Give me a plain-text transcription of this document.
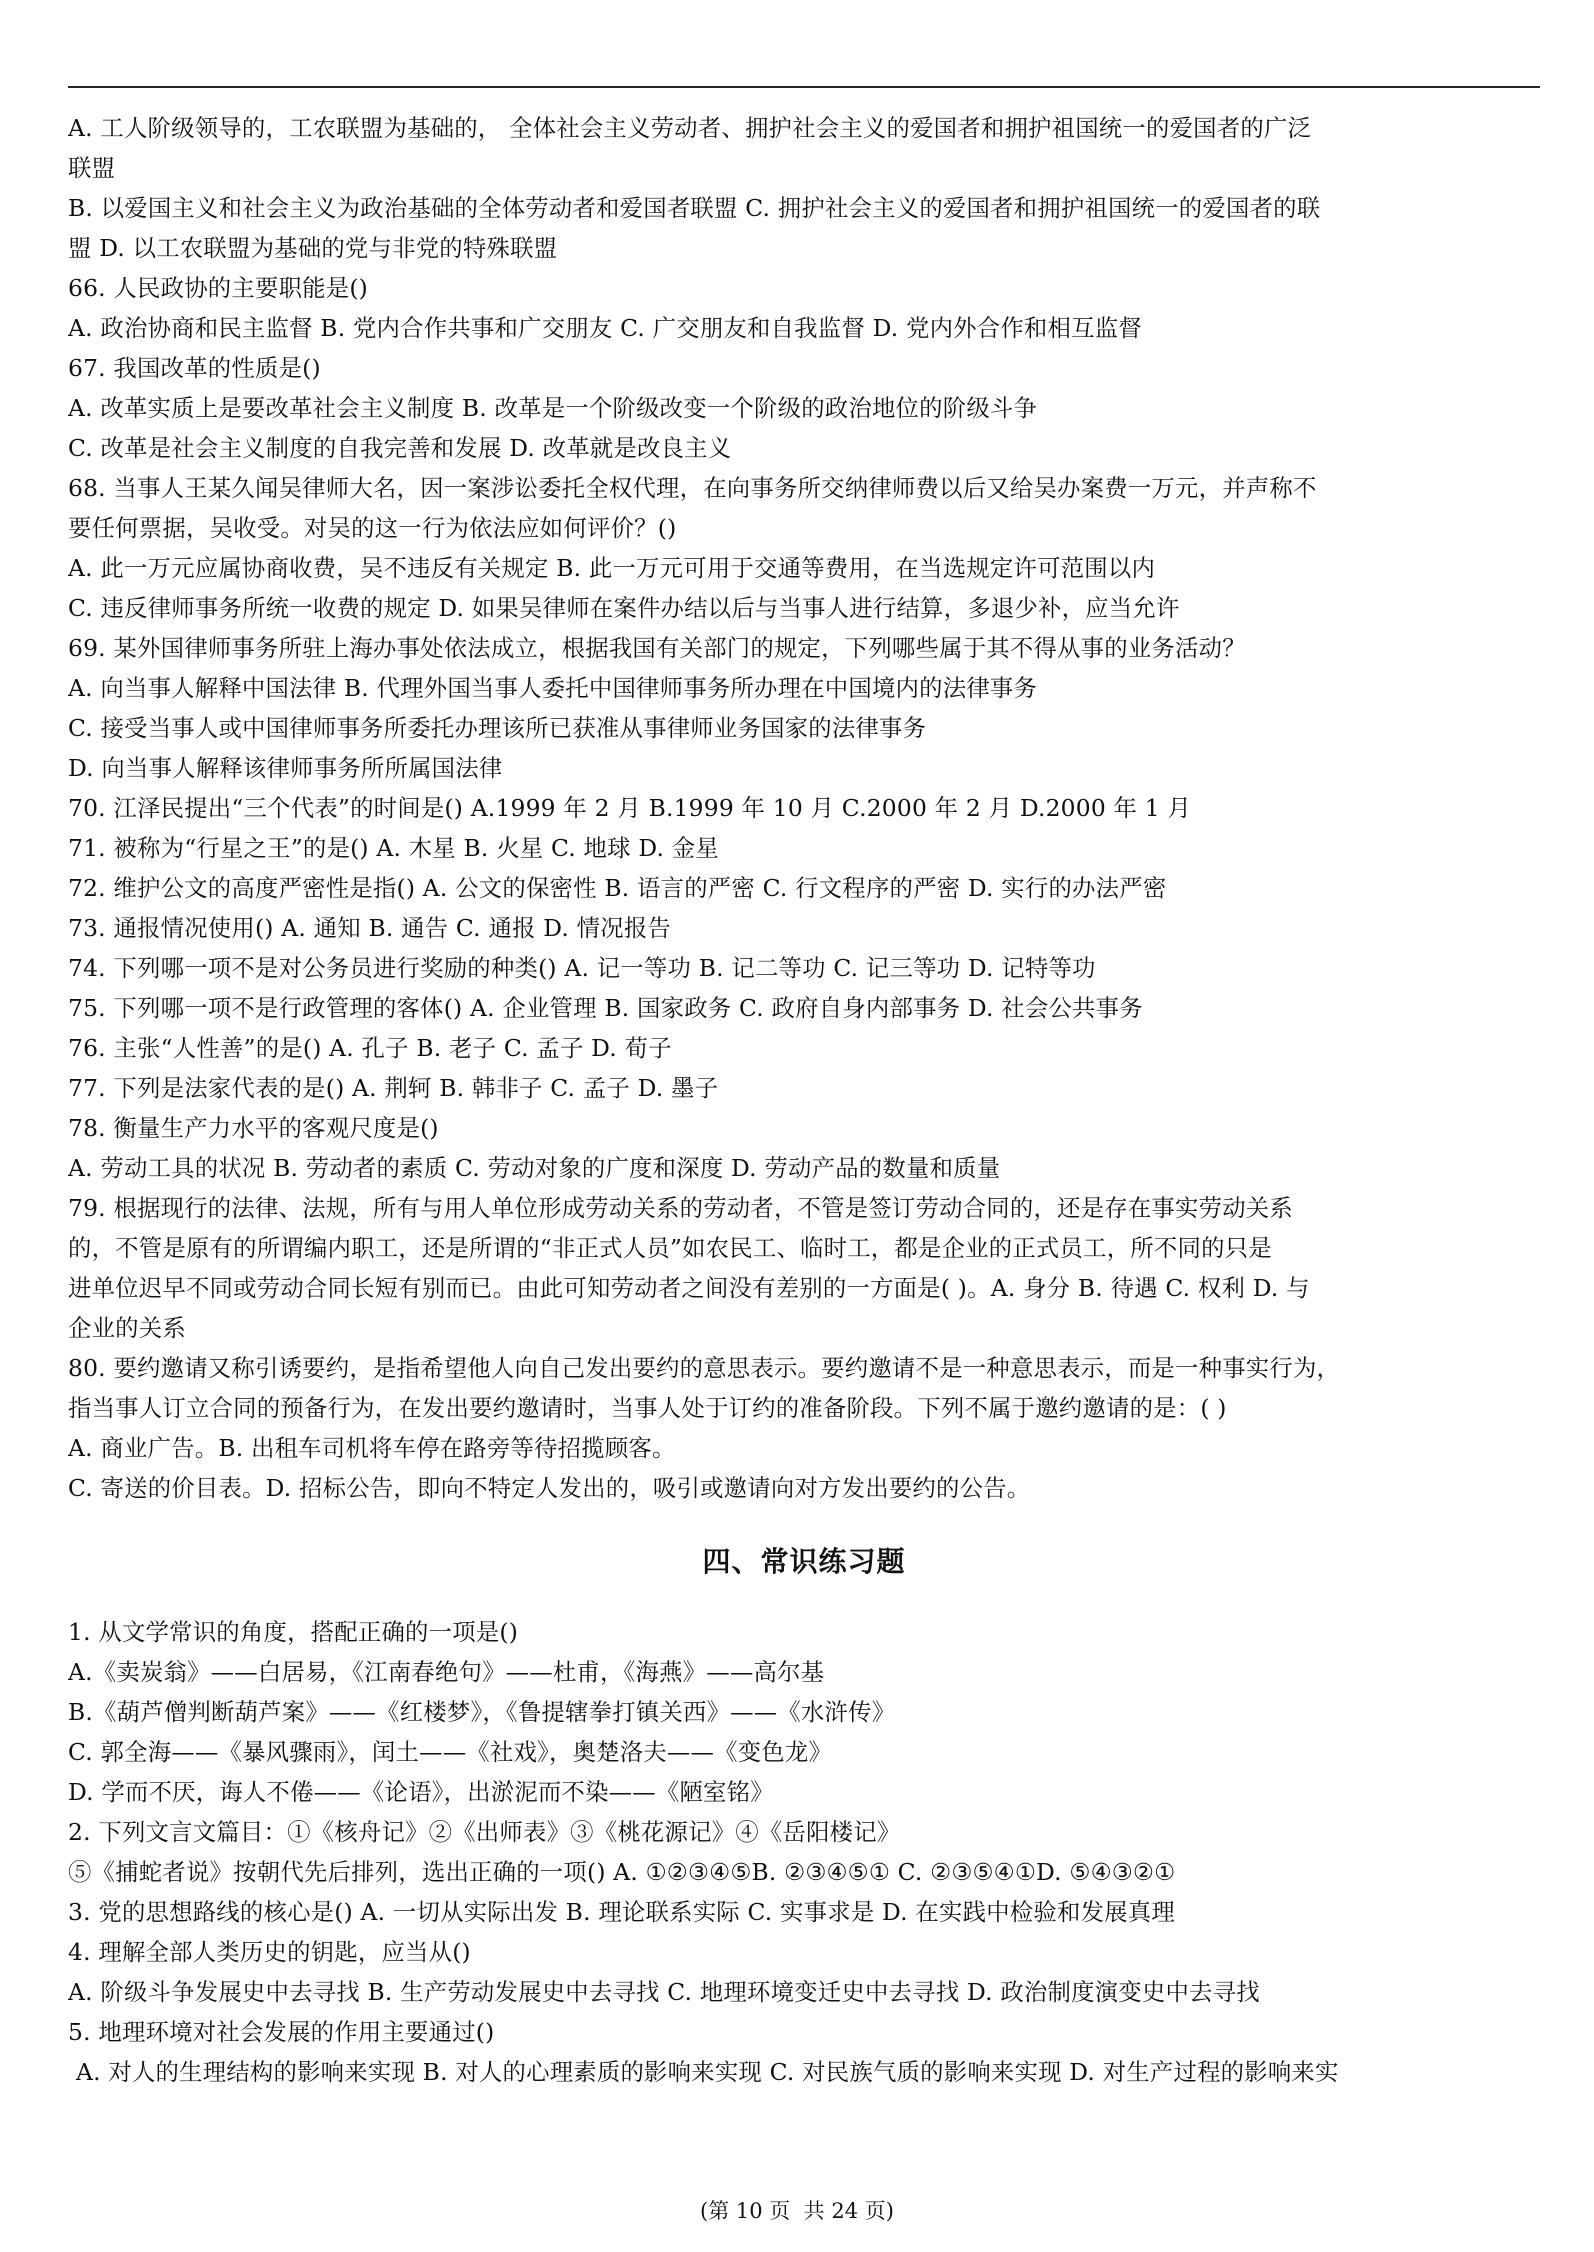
A. 工人阶级领导的，工农联盟为基础的， 全体社会主义劳动者、拥护社会主义的爱国者和拥护祖国统一的爱国者的广泛
联盟
B. 以爱国主义和社会主义为政治基础的全体劳动者和爱国者联盟 C. 拥护社会主义的爱国者和拥护祖国统一的爱国者的联
盟 D. 以工农联盟为基础的党与非党的特殊联盟
66. 人民政协的主要职能是()
A. 政治协商和民主监督 B. 党内合作共事和广交朋友 C. 广交朋友和自我监督 D. 党内外合作和相互监督
67. 我国改革的性质是()
A. 改革实质上是要改革社会主义制度 B. 改革是一个阶级改变一个阶级的政治地位的阶级斗争
C. 改革是社会主义制度的自我完善和发展 D. 改革就是改良主义
68. 当事人王某久闻吴律师大名，因一案涉讼委托全权代理，在向事务所交纳律师费以后又给吴办案费一万元，并声称不
要任何票据，吴收受。对吴的这一行为依法应如何评价？()
A. 此一万元应属协商收费，吴不违反有关规定 B. 此一万元可用于交通等费用，在当选规定许可范围以内
C. 违反律师事务所统一收费的规定 D. 如果吴律师在案件办结以后与当事人进行结算，多退少补，应当允许
69. 某外国律师事务所驻上海办事处依法成立，根据我国有关部门的规定，下列哪些属于其不得从事的业务活动？
A. 向当事人解释中国法律 B. 代理外国当事人委托中国律师事务所办理在中国境内的法律事务
C. 接受当事人或中国律师事务所委托办理该所已获准从事律师业务国家的法律事务
D. 向当事人解释该律师事务所所属国法律
70. 江泽民提出“三个代表”的时间是() A.1999 年 2 月 B.1999 年 10 月 C.2000 年 2 月 D.2000 年 1 月
71. 被称为“行星之王”的是() A. 木星 B. 火星 C. 地球 D. 金星
72. 维护公文的高度严密性是指() A. 公文的保密性 B. 语言的严密 C. 行文程序的严密 D. 实行的办法严密
73. 通报情况使用() A. 通知 B. 通告 C. 通报 D. 情况报告
74. 下列哪一项不是对公务员进行奖励的种类() A. 记一等功 B. 记二等功 C. 记三等功 D. 记特等功
75. 下列哪一项不是行政管理的客体() A. 企业管理 B. 国家政务 C. 政府自身内部事务 D. 社会公共事务
76. 主张“人性善”的是() A. 孔子 B. 老子 C. 孟子 D. 荀子
77. 下列是法家代表的是() A. 荆轲 B. 韩非子 C. 孟子 D. 墨子
78. 衡量生产力水平的客观尺度是()
A. 劳动工具的状况 B. 劳动者的素质 C. 劳动对象的广度和深度 D. 劳动产品的数量和质量
79. 根据现行的法律、法规，所有与用人单位形成劳动关系的劳动者，不管是签订劳动合同的，还是存在事实劳动关系
的，不管是原有的所谓编内职工，还是所谓的“非正式人员”如农民工、临时工，都是企业的正式员工，所不同的只是
进单位迟早不同或劳动合同长短有别而已。由此可知劳动者之间没有差别的一方面是( )。A. 身分 B. 待遇 C. 权利 D. 与
企业的关系
80. 要约邀请又称引诱要约，是指希望他人向自己发出要约的意思表示。要约邀请不是一种意思表示，而是一种事实行为，
指当事人订立合同的预备行为，在发出要约邀请时，当事人处于订约的准备阶段。下列不属于邀约邀请的是：( )
A. 商业广告。B. 出租车司机将车停在路旁等待招揽顾客。
C. 寄送的价目表。D. 招标公告，即向不特定人发出的，吸引或邀请向对方发出要约的公告。
四、常识练习题
1. 从文学常识的角度，搭配正确的一项是()
A.《卖炭翁》——白居易，《江南春绝句》——杜甫，《海燕》——高尔基
B.《葫芦僧判断葫芦案》——《红楼梦》，《鲁提辖拳打镇关西》——《水浒传》
C. 郭全海——《暴风骤雨》，闰土——《社戏》，奥楚洛夫——《变色龙》
D. 学而不厌，诲人不倦——《论语》，出淤泥而不染——《陋室铭》
2. 下列文言文篇目：①《核舟记》②《出师表》③《桃花源记》④《岳阳楼记》
⑤《捕蛇者说》按朝代先后排列，选出正确的一项() A. ①②③④⑤B. ②③④⑤① C. ②③⑤④①D. ⑤④③②①
3. 党的思想路线的核心是() A. 一切从实际出发 B. 理论联系实际 C. 实事求是 D. 在实践中检验和发展真理
4. 理解全部人类历史的钥匙，应当从()
A. 阶级斗争发展史中去寻找 B. 生产劳动发展史中去寻找 C. 地理环境变迁史中去寻找 D. 政治制度演变史中去寻找
5. 地理环境对社会发展的作用主要通过()
A. 对人的生理结构的影响来实现 B. 对人的心理素质的影响来实现 C. 对民族气质的影响来实现 D. 对生产过程的影响来实
(第 10 页  共 24 页)
